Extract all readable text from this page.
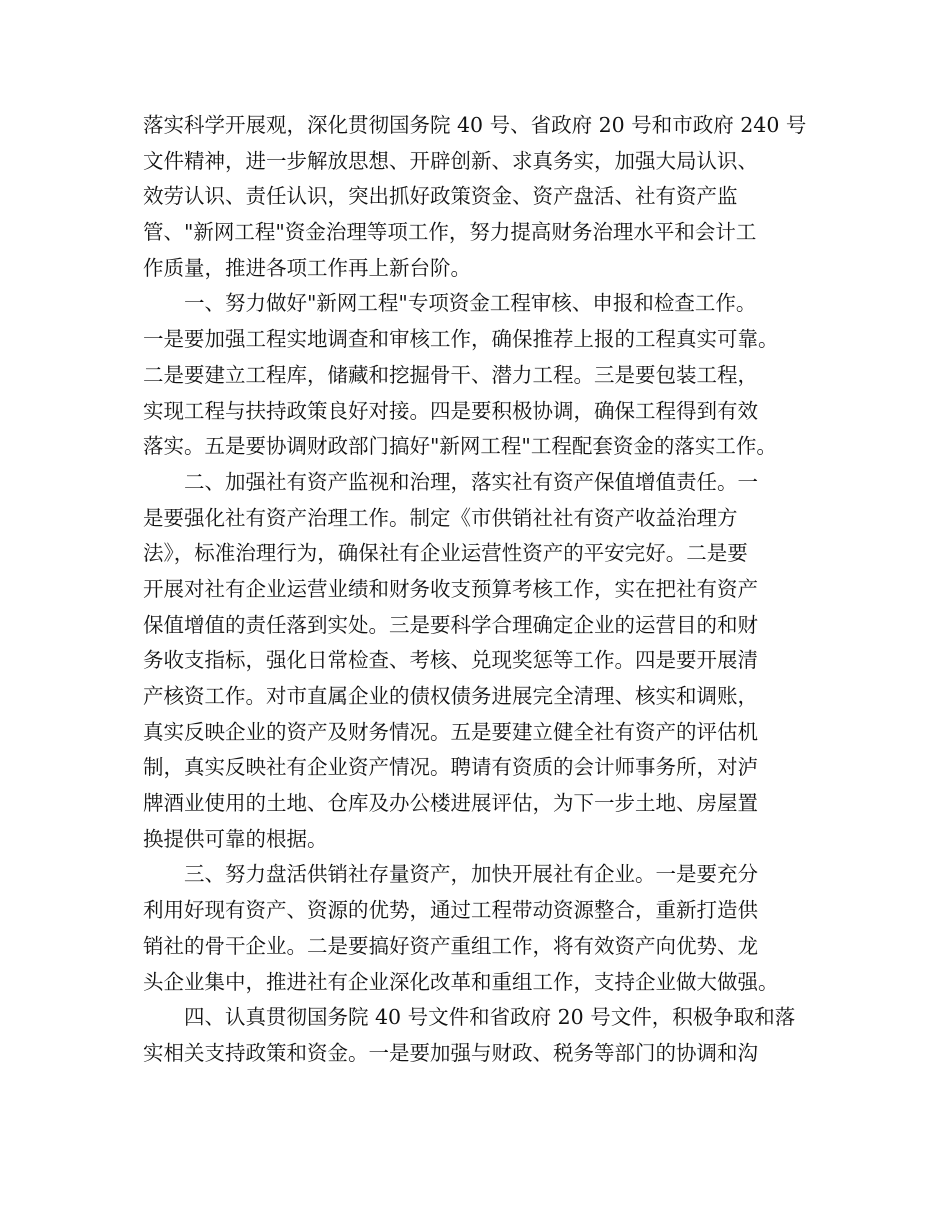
落实科学开展观，深化贯彻国务院 40 号、省政府 20 号和市政府 240 号
文件精神，进一步解放思想、开辟创新、求真务实，加强大局认识、
效劳认识、责任认识，突出抓好政策资金、资产盘活、社有资产监
管、"新网工程"资金治理等项工作，努力提高财务治理水平和会计工
作质量，推进各项工作再上新台阶。
一、努力做好"新网工程"专项资金工程审核、申报和检查工作。
一是要加强工程实地调查和审核工作，确保推荐上报的工程真实可靠。
二是要建立工程库，储藏和挖掘骨干、潜力工程。三是要包装工程，
实现工程与扶持政策良好对接。四是要积极协调，确保工程得到有效
落实。五是要协调财政部门搞好"新网工程"工程配套资金的落实工作。
二、加强社有资产监视和治理，落实社有资产保值增值责任。一
是要强化社有资产治理工作。制定《市供销社社有资产收益治理方
法》，标准治理行为，确保社有企业运营性资产的平安完好。二是要
开展对社有企业运营业绩和财务收支预算考核工作，实在把社有资产
保值增值的责任落到实处。三是要科学合理确定企业的运营目的和财
务收支指标，强化日常检查、考核、兑现奖惩等工作。四是要开展清
产核资工作。对市直属企业的债权债务进展完全清理、核实和调账，
真实反映企业的资产及财务情况。五是要建立健全社有资产的评估机
制，真实反映社有企业资产情况。聘请有资质的会计师事务所，对泸
牌酒业使用的土地、仓库及办公楼进展评估，为下一步土地、房屋置
换提供可靠的根据。
三、努力盘活供销社存量资产，加快开展社有企业。一是要充分
利用好现有资产、资源的优势，通过工程带动资源整合，重新打造供
销社的骨干企业。二是要搞好资产重组工作，将有效资产向优势、龙
头企业集中，推进社有企业深化改革和重组工作，支持企业做大做强。
四、认真贯彻国务院 40 号文件和省政府 20 号文件，积极争取和落
实相关支持政策和资金。一是要加强与财政、税务等部门的协调和沟
